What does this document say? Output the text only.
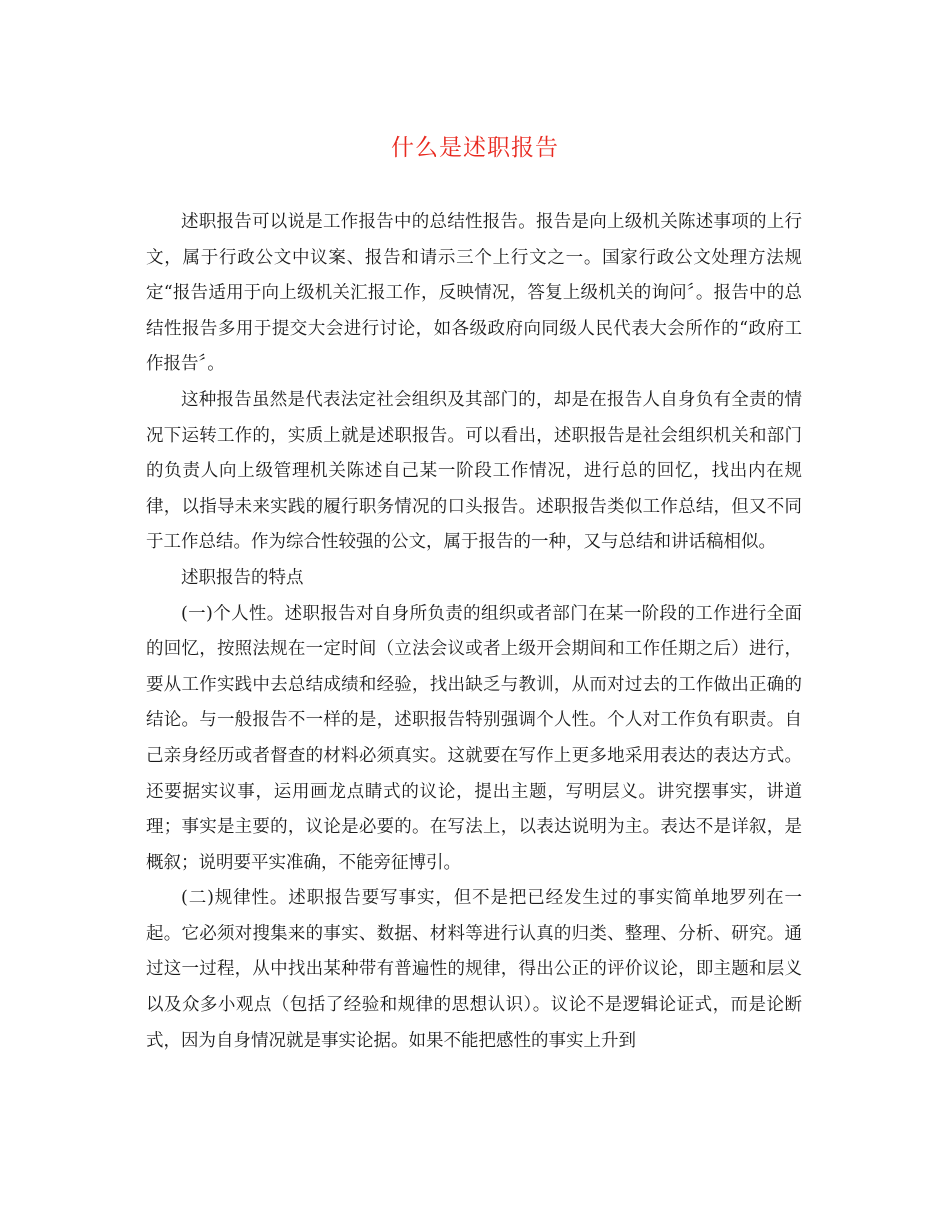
什么是述职报告

述职报告可以说是工作报告中的总结性报告。报告是向上级机关陈述事项的上行文，属于行政公文中议案、报告和请示三个上行文之一。国家行政公文处理方法规定“报告适用于向上级机关汇报工作，反映情况，答复上级机关的询问〞。报告中的总结性报告多用于提交大会进行讨论，如各级政府向同级人民代表大会所作的“政府工作报告〞。

这种报告虽然是代表法定社会组织及其部门的，却是在报告人自身负有全责的情况下运转工作的，实质上就是述职报告。可以看出，述职报告是社会组织机关和部门的负责人向上级管理机关陈述自己某一阶段工作情况，进行总的回忆，找出内在规律，以指导未来实践的履行职务情况的口头报告。述职报告类似工作总结，但又不同于工作总结。作为综合性较强的公文，属于报告的一种，又与总结和讲话稿相似。

述职报告的特点

(一)个人性。述职报告对自身所负责的组织或者部门在某一阶段的工作进行全面的回忆，按照法规在一定时间（立法会议或者上级开会期间和工作任期之后）进行，要从工作实践中去总结成绩和经验，找出缺乏与教训，从而对过去的工作做出正确的结论。与一般报告不一样的是，述职报告特别强调个人性。个人对工作负有职责。自己亲身经历或者督查的材料必须真实。这就要在写作上更多地采用表达的表达方式。还要据实议事，运用画龙点睛式的议论，提出主题，写明层义。讲究摆事实，讲道理；事实是主要的，议论是必要的。在写法上，以表达说明为主。表达不是详叙，是概叙；说明要平实准确，不能旁征博引。

(二)规律性。述职报告要写事实，但不是把已经发生过的事实简单地罗列在一起。它必须对搜集来的事实、数据、材料等进行认真的归类、整理、分析、研究。通过这一过程，从中找出某种带有普遍性的规律，得出公正的评价议论，即主题和层义以及众多小观点（包括了经验和规律的思想认识）。议论不是逻辑论证式，而是论断式，因为自身情况就是事实论据。如果不能把感性的事实上升到
